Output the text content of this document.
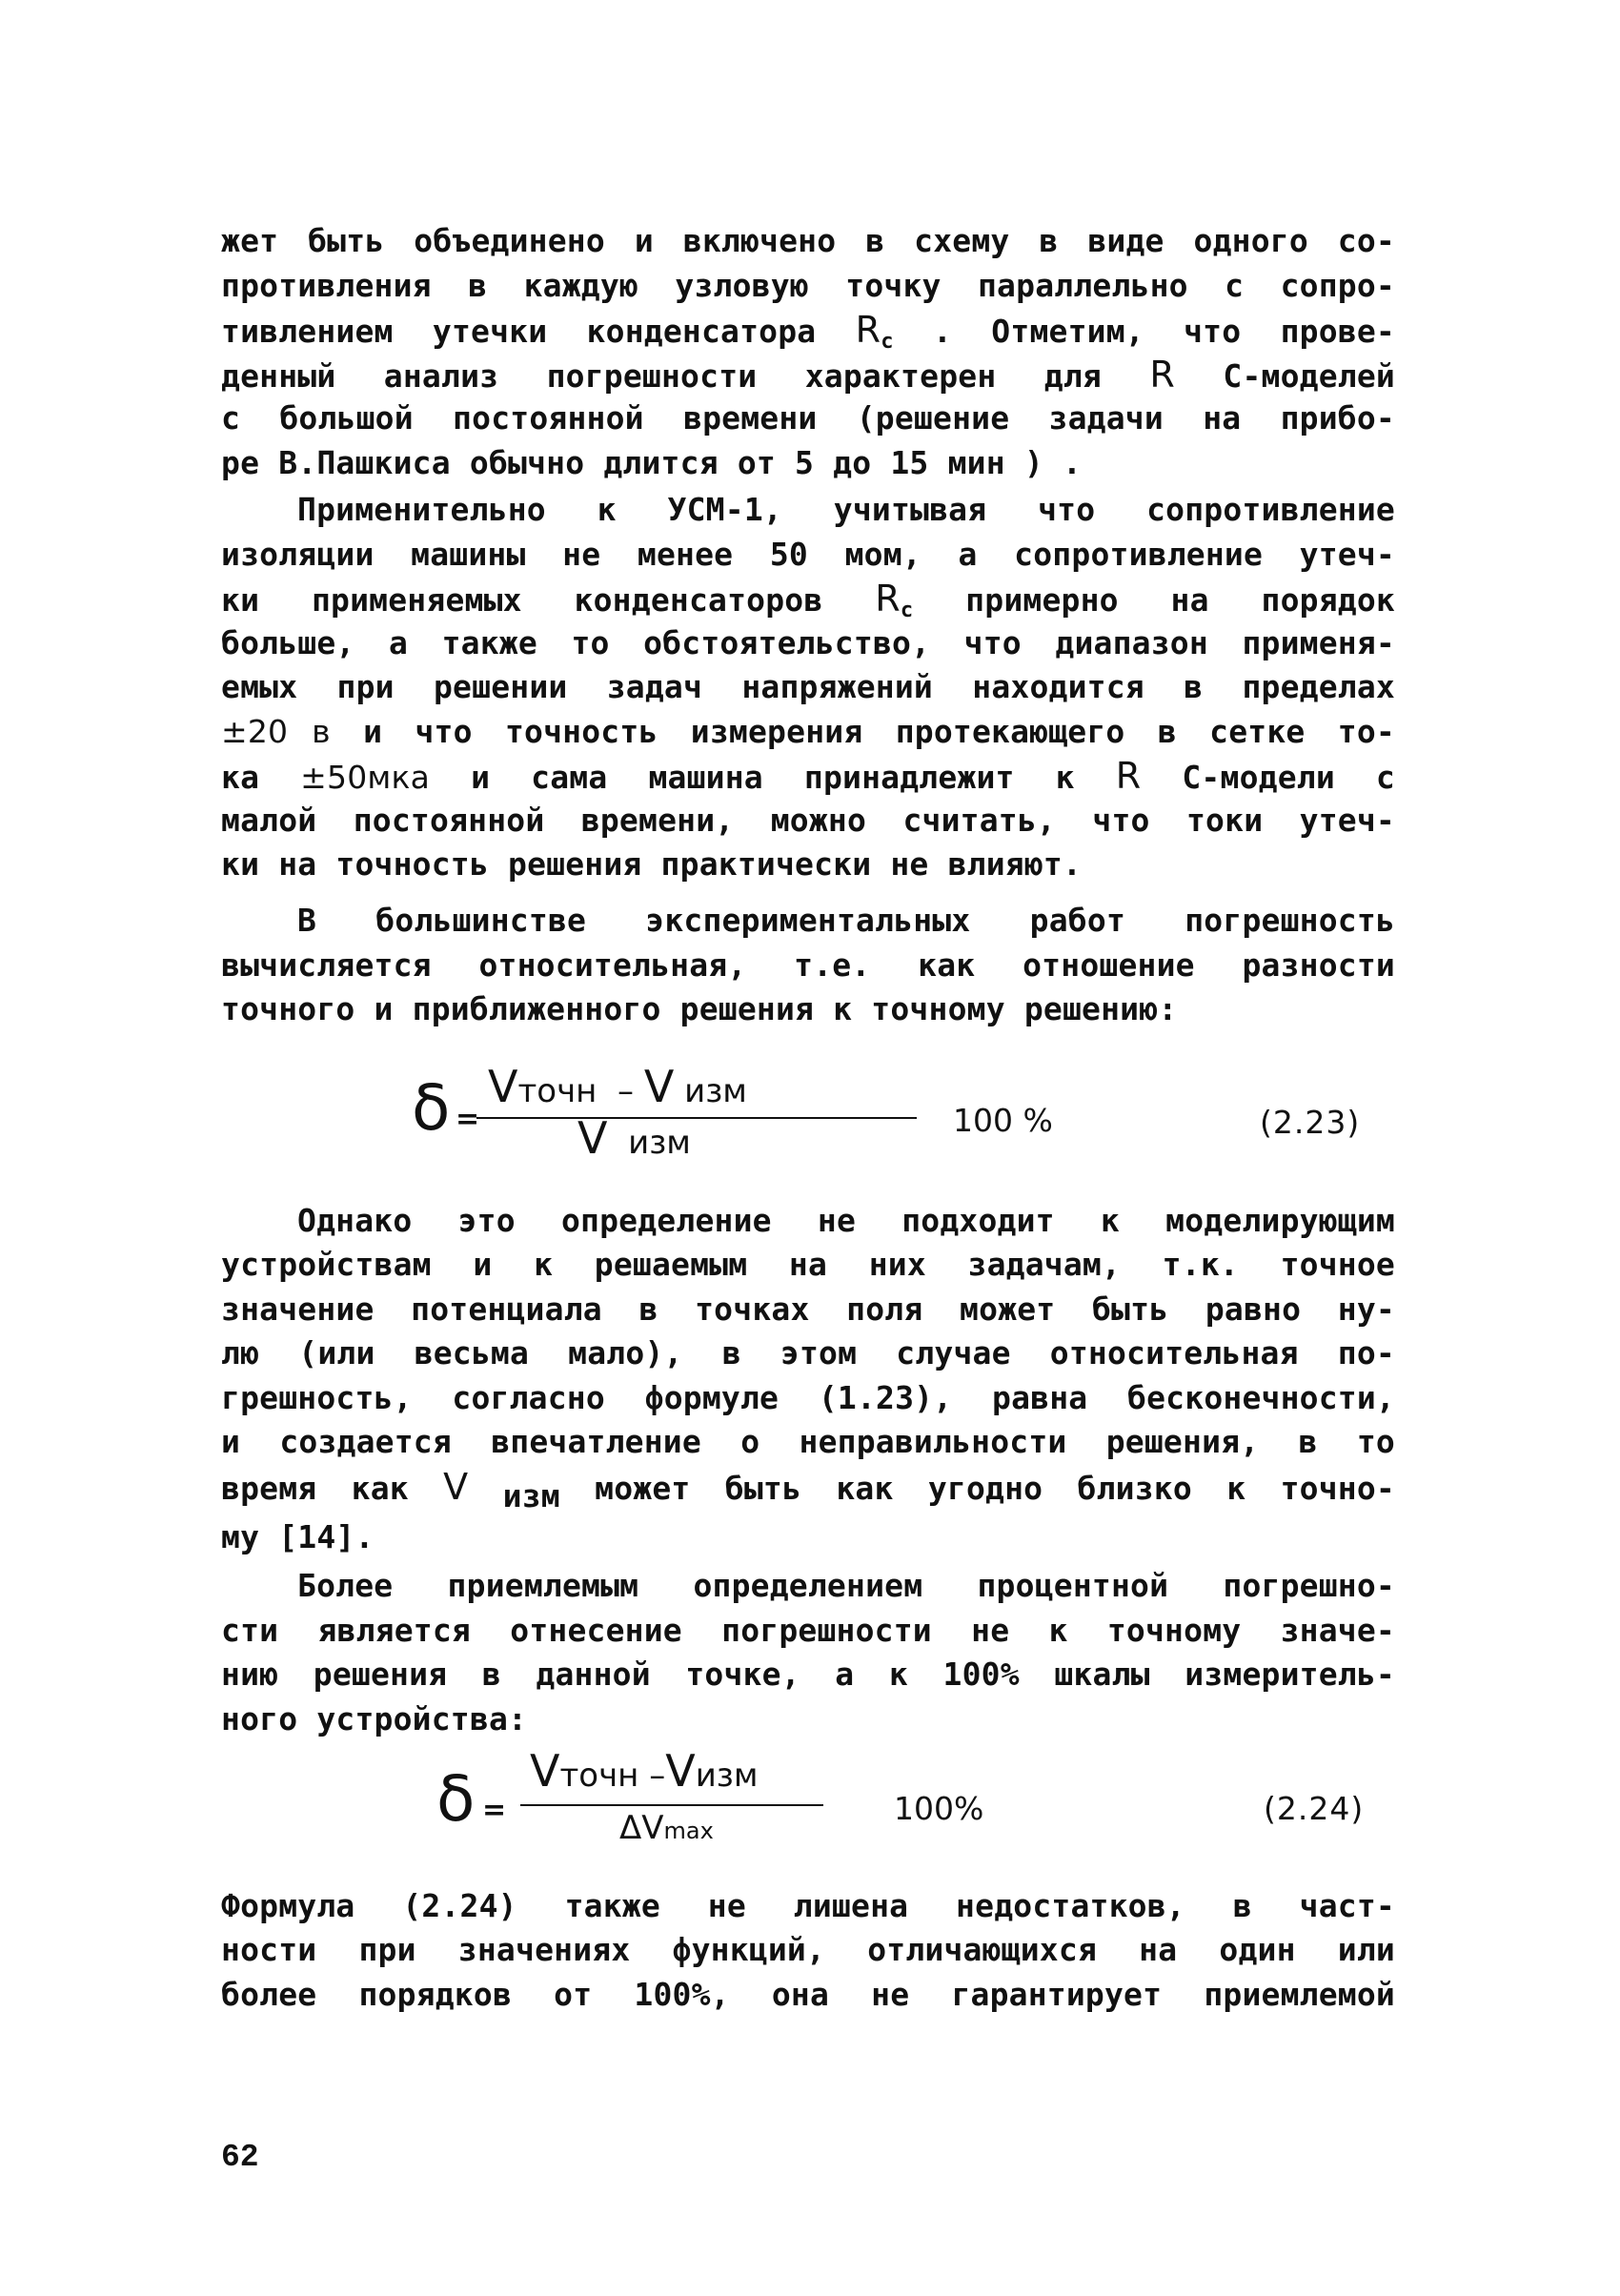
жет быть объединено и включено в схему в виде одного со-
противления в каждую узловую точку параллельно с сопро-
тивлением утечки конденсатора $R_c$ . Отметим, что прове-
денный анализ погрешности характерен для R С-моделей
с большой постоянной времени (решение задачи на прибо-
ре В.Пашкиса обычно длится от 5 до 15 мин ) .
Применительно к УСМ-1, учитывая что сопротивление
изоляции машины не менее 50 мом, а сопротивление утеч-
ки применяемых конденсаторов $R_c$ примерно на порядок
больше, а также то обстоятельство, что диапазон применя-
емых при решении задач напряжений находится в пределах
±20 в и что точность измерения протекающего в сетке то-
ка ±50мка и сама машина принадлежит к R С-модели с
малой постоянной времени, можно считать, что токи утеч-
ки на точность решения практически не влияют.
В большинстве экспериментальных работ погрешность
вычисляется относительная, т.е. как отношение разности
точного и приближенного решения к точному решению:
δ =
Vточн – V изм
V изм
100 %	(2.23)
Однако это определение не подходит к моделирующим
устройствам и к решаемым на них задачам, т.к. точное
значение потенциала в точках поля может быть равно ну-
лю (или весьма мало), в этом случае относительная по-
грешность, согласно формуле (1.23), равна бесконечности,
и создается впечатление о неправильности решения, в то
время как V изм может быть как угодно близко к точно-
му [14].
Более приемлемым определением процентной погрешно-
сти является отнесение погрешности не к точному значе-
нию решения в данной точке, а к 100% шкалы измеритель-
ного устройства:
δ =
Vточн –Vизм
ΔVmax
100%	(2.24)
Формула (2.24) также не лишена недостатков, в част-
ности при значениях функций, отличающихся на один или
более порядков от 100%, она не гарантирует приемлемой
62
